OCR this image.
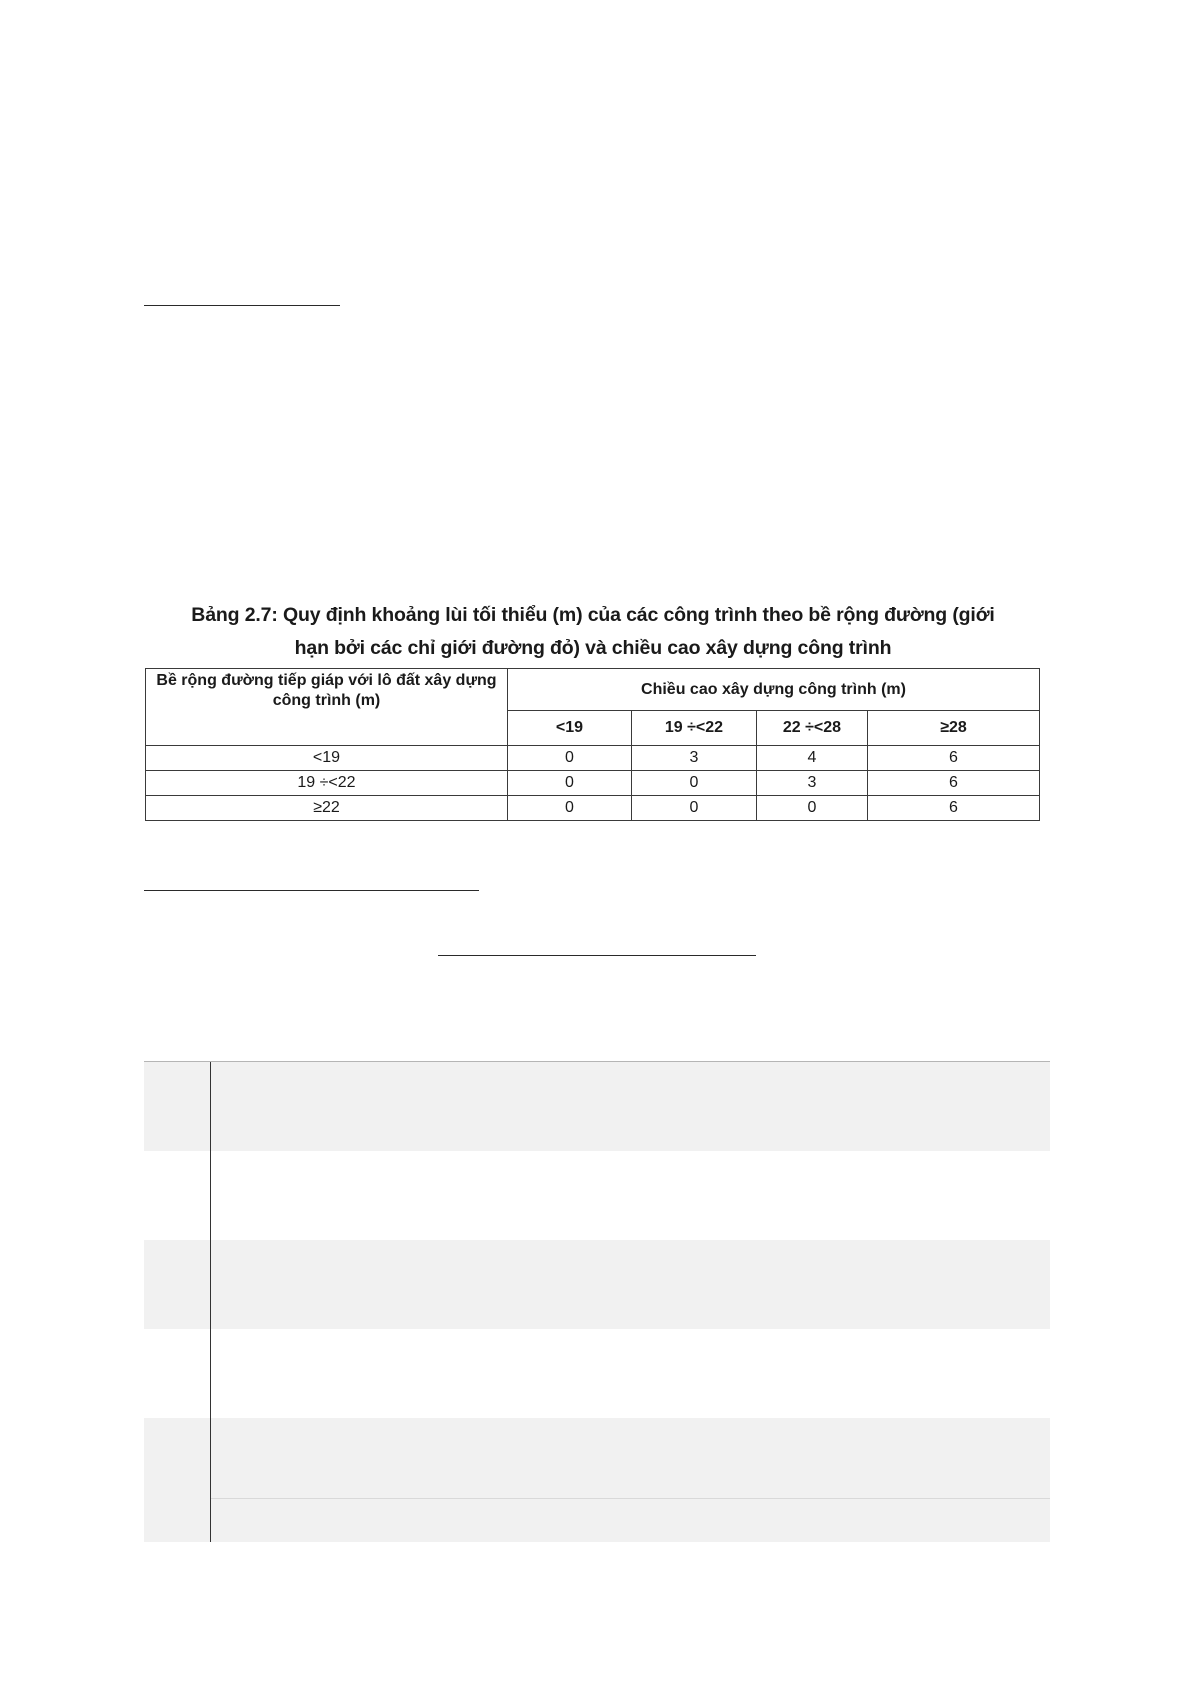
Bảng 2.7: Quy định khoảng lùi tối thiểu (m) của các công trình theo bề rộng đường (giới
hạn bởi các chỉ giới đường đỏ) và chiều cao xây dựng công trình
Bề rộng đường tiếp giáp với lô đất xây dựng công trình (m)	Chiều cao xây dựng công trình (m)			
	<19	19 ÷<22	22 ÷<28	≥28
<19	0	3	4	6
19 ÷<22	0	0	3	6
≥22	0	0	0	6
